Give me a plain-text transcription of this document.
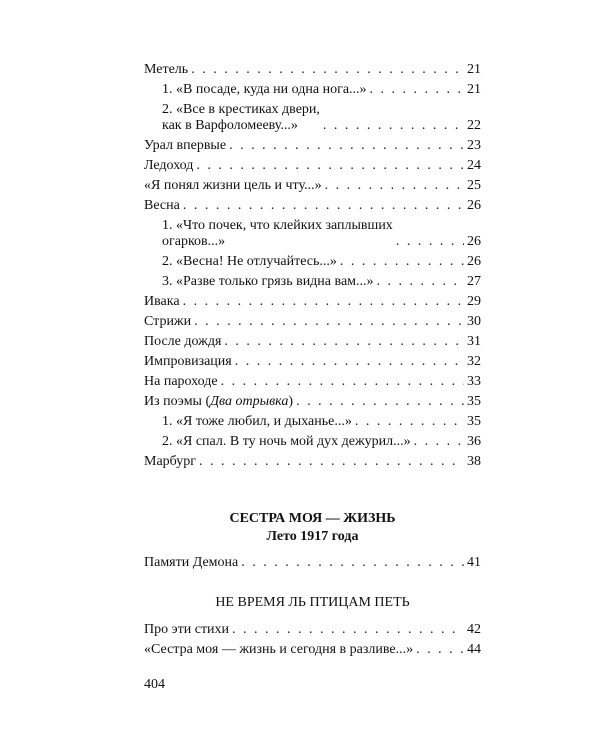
Метель . . .	21
1. «В посаде, куда ни одна нога...» . . .	21
2. «Все в крестиках двери,
как в Варфоломееву...» . . .	22
Урал впервые . . .	23
Ледоход . . .	24
«Я понял жизни цель и чту...» . . .	25
Весна . . .	26
1. «Что почек, что клейких заплывших
огарков...» . . .	26
2. «Весна! Не отлучайтесь...» . . .	26
3. «Разве только грязь видна вам...» . . .	27
Ивака . . .	29
Стрижи . . .	30
После дождя . . .	31
Импровизация . . .	32
На пароходе . . .	33
Из поэмы (Два отрывка) . . .	35
1. «Я тоже любил, и дыханье...» . . .	35
2. «Я спал. В ту ночь мой дух дежурил...» . . .	36
Марбург . . .	38
СЕСТРА МОЯ — ЖИЗНЬ
Лето 1917 года
Памяти Демона . . .	41
НЕ ВРЕМЯ ЛЬ ПТИЦАМ ПЕТЬ
Про эти стихи . . .	42
«Сестра моя — жизнь и сегодня в разливе...» . . .	44
404
